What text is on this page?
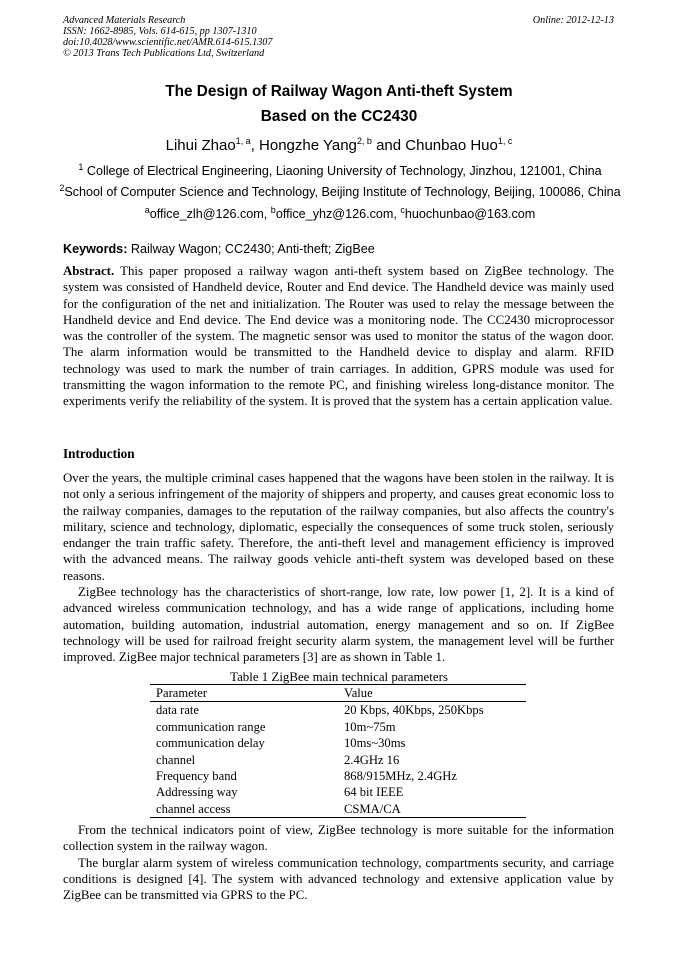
Advanced Materials Research
ISSN: 1662-8985, Vols. 614-615, pp 1307-1310
doi:10.4028/www.scientific.net/AMR.614-615.1307
© 2013 Trans Tech Publications Ltd, Switzerland
Online: 2012-12-13
The Design of Railway Wagon Anti-theft System
Based on the CC2430
Lihui Zhao$^{1, a}$, Hongzhe Yang$^{2, b}$ and Chunbao Huo$^{1, c}$
$^1$ College of Electrical Engineering, Liaoning University of Technology, Jinzhou, 121001, China
$^2$School of Computer Science and Technology, Beijing Institute of Technology, Beijing, 100086, China
$^a$office_zlh@126.com, $^b$office_yhz@126.com, $^c$huochunbao@163.com
Keywords: Railway Wagon; CC2430; Anti-theft; ZigBee

Abstract. This paper proposed a railway wagon anti-theft system based on ZigBee technology. The system was consisted of Handheld device, Router and End device. The Handheld device was mainly used for the configuration of the net and initialization. The Router was used to relay the message between the Handheld device and End device. The End device was a monitoring node. The CC2430 microprocessor was the controller of the system. The magnetic sensor was used to monitor the status of the wagon door. The alarm information would be transmitted to the Handheld device to display and alarm. RFID technology was used to mark the number of train carriages. In addition, GPRS module was used for transmitting the wagon information to the remote PC, and finishing wireless long-distance monitor. The experiments verify the reliability of the system. It is proved that the system has a certain application value.

Introduction

Over the years, the multiple criminal cases happened that the wagons have been stolen in the railway. It is not only a serious infringement of the majority of shippers and property, and causes great economic loss to the railway companies, damages to the reputation of the railway companies, but also affects the country's military, science and technology, diplomatic, especially the consequences of some truck stolen, seriously endanger the train traffic safety. Therefore, the anti-theft level and management efficiency is improved with the advanced means. The railway goods vehicle anti-theft system was developed based on these reasons.

ZigBee technology has the characteristics of short-range, low rate, low power [1, 2]. It is a kind of advanced wireless communication technology, and has a wide range of applications, including home automation, building automation, industrial automation, energy management and so on. If ZigBee technology will be used for railroad freight security alarm system, the management level will be further improved. ZigBee major technical parameters [3] are as shown in Table 1.

Table 1 ZigBee main technical parameters
Parameter	Value
data rate	20 Kbps, 40Kbps, 250Kbps
communication range	10m~75m
communication delay	10ms~30ms
channel	2.4GHz 16
Frequency band	868/915MHz, 2.4GHz
Addressing way	64 bit IEEE
channel access	CSMA/CA

From the technical indicators point of view, ZigBee technology is more suitable for the information collection system in the railway wagon.

The burglar alarm system of wireless communication technology, compartments security, and carriage conditions is designed [4]. The system with advanced technology and extensive application value by ZigBee can be transmitted via GPRS to the PC.
